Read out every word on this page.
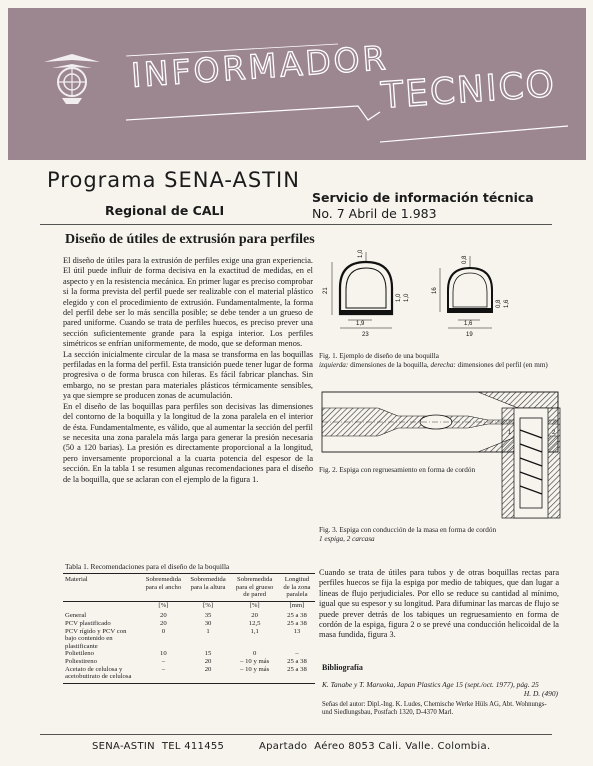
INFORMADOR
TECNICO
Programa SENA-ASTIN
Regional de CALI
Servicio de información técnica
No. 7 Abril de 1.983
Diseño de útiles de extrusión para perfiles

El diseño de útiles para la extrusión de perfiles exige una gran experiencia. El útil puede influir de forma decisiva en la exactitud de medidas, en el aspecto y en la resistencia mecánica. En primer lugar es preciso comprobar si la forma prevista del perfil puede ser realizable con el material plástico elegido y con el procedimiento de extrusión. Fundamentalmente, la forma del perfil debe ser lo más sencilla posible; se debe tender a un grueso de pared uniforme. Cuando se trata de perfiles huecos, es preciso prever una sección suficientemente grande para la espiga interior. Los perfiles simétricos se enfrían uniformemente, de modo, que se deforman menos.

La sección inicialmente circular de la masa se transforma en las boquillas perfiladas en la forma del perfil. Esta transición puede tener lugar de forma progresiva o de forma brusca con hileras. Es fácil fabricar planchas. Sin embargo, no se prestan para materiales plásticos térmicamente sensibles, ya que siempre se producen zonas de acumulación.

En el diseño de las boquillas para perfiles son decisivas las dimensiones del contorno de la boquilla y la longitud de la zona paralela en el interior de ésta. Fundamentalmente, es válido, que al aumentar la sección del perfil se necesita una zona paralela más larga para generar la presión necesaria (50 a 120 barias). La presión es directamente proporcional a la longitud, pero inversamente proporcional a la cuarta potencia del espesor de la sección. En la tabla 1 se resumen algunas recomendaciones para el diseño de la boquilla, que se aclaran con el ejemplo de la figura 1.

1,0
21
1,0 1,0
1,9
23
0,8
16
0,8 1,6
1,6
19
Fig. 1. Ejemplo de diseño de una boquilla
izquierda: dimensiones de la boquilla, derecha: dimensiones del perfil (en mm)
Fig. 2. Espiga con regruesamiento en forma de cordón
1	2
Fig. 3. Espiga con conducción de la masa en forma de cordón
1 espiga, 2 carcasa

Cuando se trata de útiles para tubos y de otras boquillas rectas para perfiles huecos se fija la espiga por medio de tabiques, que dan lugar a líneas de flujo perjudiciales. Por ello se reduce su cantidad al mínimo, igual que su espesor y su longitud. Para difuminar las marcas de flujo se puede prever detrás de los tabiques un regruesamiento en forma de cordón de la espiga, figura 2 o se prevé una conducción helicoidal de la masa fundida, figura 3.

Tabla 1. Recomendaciones para el diseño de la boquilla
Material	Sobremedida para el ancho	Sobremedida para la altura	Sobremedida para el grueso de pared	Longitud de la zona paralela
	[%]	[%]	[%]	[mm]
General	20	35	20	25 a 38
PCV plastificado	20	30	12,5	25 a 38
PCV rígido y PCV con bajo contenido en plastificante	0	1	1,1	13
Polietileno	10	15	0	–
Poliestireno	–	20	– 10 y más	25 a 38
Acetato de celulosa y acetobutirato de celulosa	–	20	– 10 y más	25 a 38 Bibliografía
K. Tanabe y T. Maruoka, Japan Plastics Age 15 (sept./oct. 1977), pág. 25
H. D. (490)
Señas del autor: Dipl.-Ing. K. Ludes, Chemische Werke Hüls AG, Abt. Wohnungs- und Siedlungsbau, Postfach 1320, D-4370 Marl.
SENA-ASTIN  TEL 411455          Apartado  Aéreo 8053 Cali. Valle. Colombia.
